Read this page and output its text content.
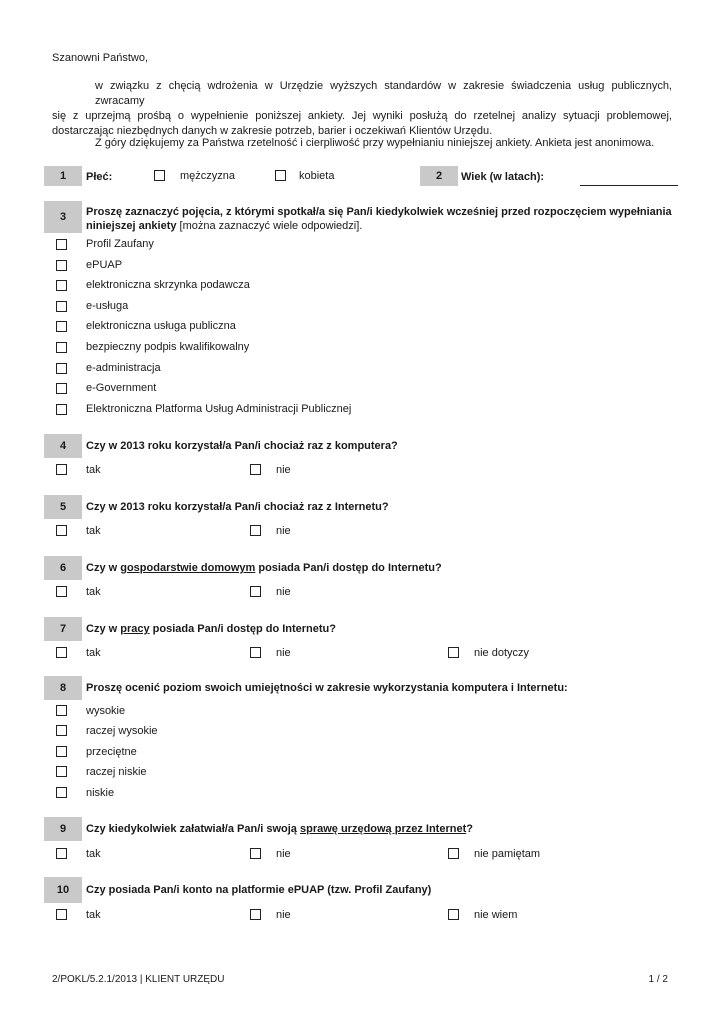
Szanowni Państwo,
w związku z chęcią wdrożenia w Urzędzie wyższych standardów w zakresie świadczenia usług publicznych, zwracamy
się z uprzejmą prośbą o wypełnienie poniższej ankiety. Jej wyniki posłużą do rzetelnej analizy sytuacji problemowej,
dostarczając niezbędnych danych w zakresie potrzeb, barier i oczekiwań Klientów Urzędu.
Z góry dziękujemy za Państwa rzetelność i cierpliwość przy wypełnianiu niniejszej ankiety. Ankieta jest anonimowa.
1	Płeć:	mężczyzna	kobieta	2	Wiek (w latach):
3	Proszę zaznaczyć pojęcia, z którymi spotkał/a się Pan/i kiedykolwiek wcześniej przed rozpoczęciem wypełniania
niniejszej ankiety [można zaznaczyć wiele odpowiedzi].
Profil Zaufany
ePUAP
elektroniczna skrzynka podawcza
e-usługa
elektroniczna usługa publiczna
bezpieczny podpis kwalifikowalny
e-administracja
e-Government
Elektroniczna Platforma Usług Administracji Publicznej
4	Czy w 2013 roku korzystał/a Pan/i chociaż raz z komputera?
tak	nie
5	Czy w 2013 roku korzystał/a Pan/i chociaż raz z Internetu?
tak	nie
6	Czy w gospodarstwie domowym posiada Pan/i dostęp do Internetu?
tak	nie
7	Czy w pracy posiada Pan/i dostęp do Internetu?
tak	nie	nie dotyczy
8	Proszę ocenić poziom swoich umiejętności w zakresie wykorzystania komputera i Internetu:
wysokie
raczej wysokie
przeciętne
raczej niskie
niskie
9	Czy kiedykolwiek załatwiał/a Pan/i swoją sprawę urzędową przez Internet?
tak	nie	nie pamiętam
10	Czy posiada Pan/i konto na platformie ePUAP (tzw. Profil Zaufany)
tak	nie	nie wiem
2/POKL/5.2.1/2013 | KLIENT URZĘDU	1 / 2
